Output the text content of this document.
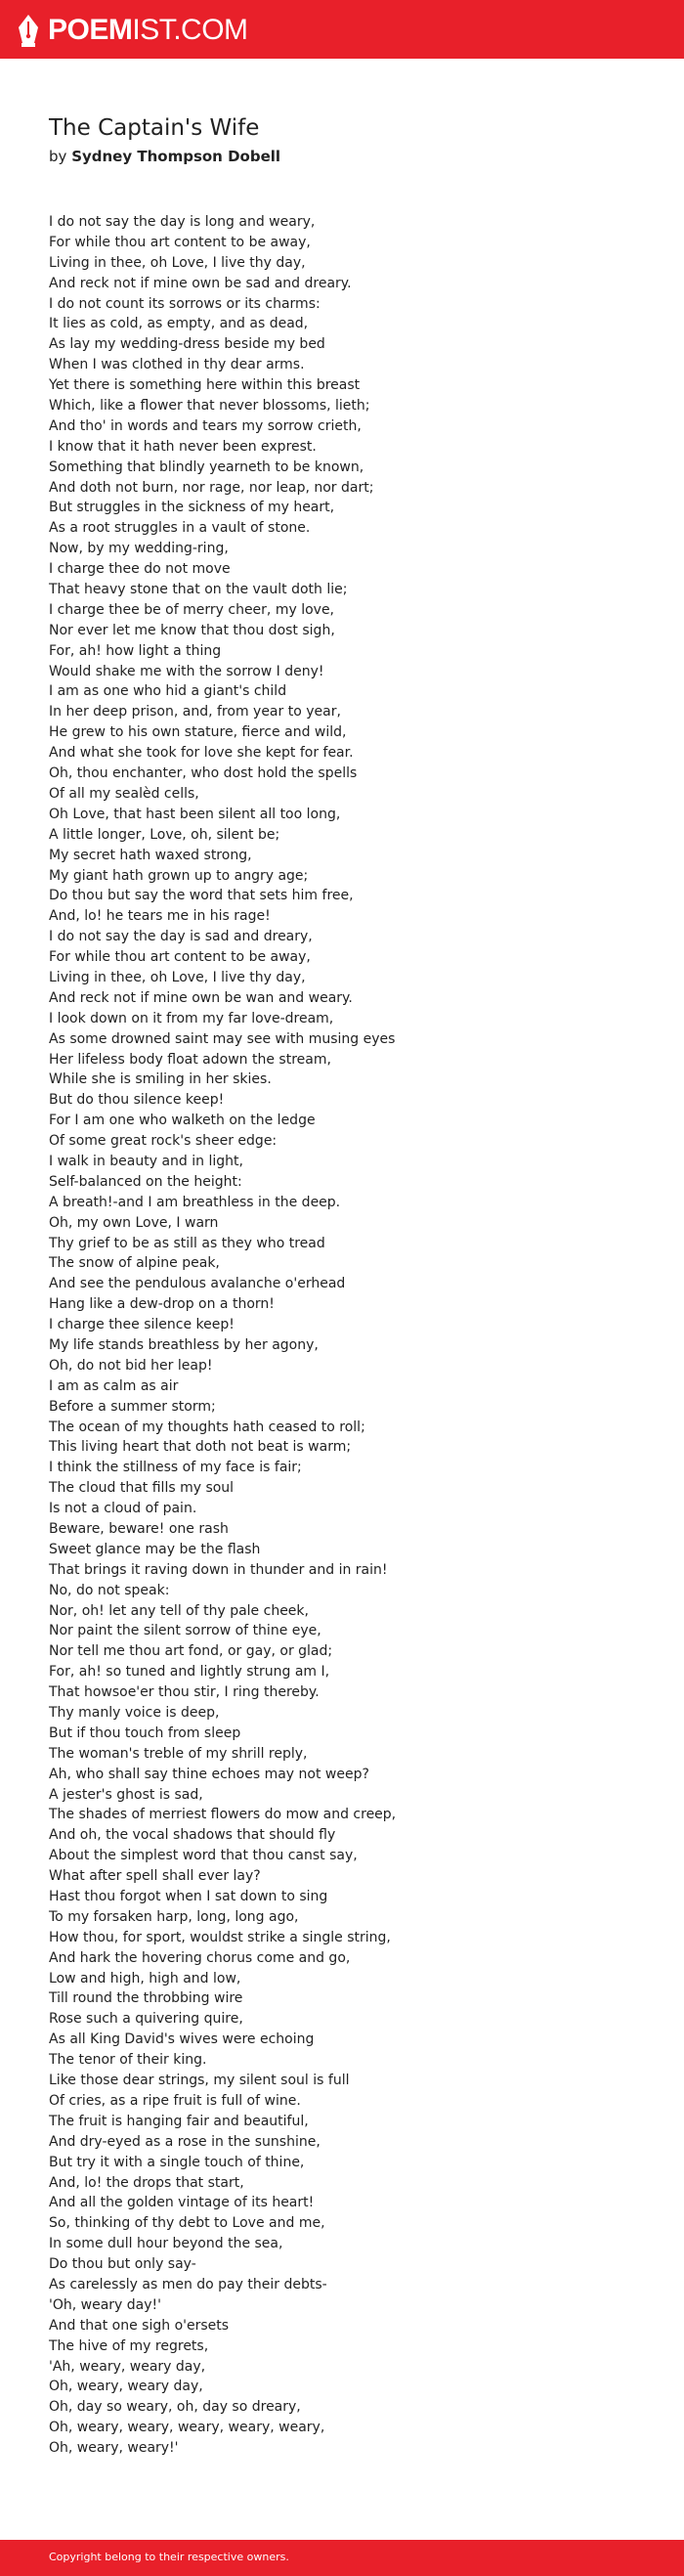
POEMIST.COM
The Captain's Wife

by Sydney Thompson Dobell

I do not say the day is long and weary,
For while thou art content to be away,
Living in thee, oh Love, I live thy day,
And reck not if mine own be sad and dreary.
I do not count its sorrows or its charms:
It lies as cold, as empty, and as dead,
As lay my wedding-dress beside my bed
When I was clothed in thy dear arms.
Yet there is something here within this breast
Which, like a flower that never blossoms, lieth;
And tho' in words and tears my sorrow crieth,
I know that it hath never been exprest.
Something that blindly yearneth to be known,
And doth not burn, nor rage, nor leap, nor dart;
But struggles in the sickness of my heart,
As a root struggles in a vault of stone.
Now, by my wedding-ring,
I charge thee do not move
That heavy stone that on the vault doth lie;
I charge thee be of merry cheer, my love,
Nor ever let me know that thou dost sigh,
For, ah! how light a thing
Would shake me with the sorrow I deny!
I am as one who hid a giant's child
In her deep prison, and, from year to year,
He grew to his own stature, fierce and wild,
And what she took for love she kept for fear.
Oh, thou enchanter, who dost hold the spells
Of all my sealèd cells,
Oh Love, that hast been silent all too long,
A little longer, Love, oh, silent be;
My secret hath waxed strong,
My giant hath grown up to angry age;
Do thou but say the word that sets him free,
And, lo! he tears me in his rage!
I do not say the day is sad and dreary,
For while thou art content to be away,
Living in thee, oh Love, I live thy day,
And reck not if mine own be wan and weary.
I look down on it from my far love-dream,
As some drowned saint may see with musing eyes
Her lifeless body float adown the stream,
While she is smiling in her skies.
But do thou silence keep!
For I am one who walketh on the ledge
Of some great rock's sheer edge:
I walk in beauty and in light,
Self-balanced on the height:
A breath!-and I am breathless in the deep.
Oh, my own Love, I warn
Thy grief to be as still as they who tread
The snow of alpine peak,
And see the pendulous avalanche o'erhead
Hang like a dew-drop on a thorn!
I charge thee silence keep!
My life stands breathless by her agony,
Oh, do not bid her leap!
I am as calm as air
Before a summer storm;
The ocean of my thoughts hath ceased to roll;
This living heart that doth not beat is warm;
I think the stillness of my face is fair;
The cloud that fills my soul
Is not a cloud of pain.
Beware, beware! one rash
Sweet glance may be the flash
That brings it raving down in thunder and in rain!
No, do not speak:
Nor, oh! let any tell of thy pale cheek,
Nor paint the silent sorrow of thine eye,
Nor tell me thou art fond, or gay, or glad;
For, ah! so tuned and lightly strung am I,
That howsoe'er thou stir, I ring thereby.
Thy manly voice is deep,
But if thou touch from sleep
The woman's treble of my shrill reply,
Ah, who shall say thine echoes may not weep?
A jester's ghost is sad,
The shades of merriest flowers do mow and creep,
And oh, the vocal shadows that should fly
About the simplest word that thou canst say,
What after spell shall ever lay?
Hast thou forgot when I sat down to sing
To my forsaken harp, long, long ago,
How thou, for sport, wouldst strike a single string,
And hark the hovering chorus come and go,
Low and high, high and low,
Till round the throbbing wire
Rose such a quivering quire,
As all King David's wives were echoing
The tenor of their king.
Like those dear strings, my silent soul is full
Of cries, as a ripe fruit is full of wine.
The fruit is hanging fair and beautiful,
And dry-eyed as a rose in the sunshine,
But try it with a single touch of thine,
And, lo! the drops that start,
And all the golden vintage of its heart!
So, thinking of thy debt to Love and me,
In some dull hour beyond the sea,
Do thou but only say-
As carelessly as men do pay their debts-
'Oh, weary day!'
And that one sigh o'ersets
The hive of my regrets,
'Ah, weary, weary day,
Oh, weary, weary day,
Oh, day so weary, oh, day so dreary,
Oh, weary, weary, weary, weary, weary,
Oh, weary, weary!'
Copyright belong to their respective owners.
